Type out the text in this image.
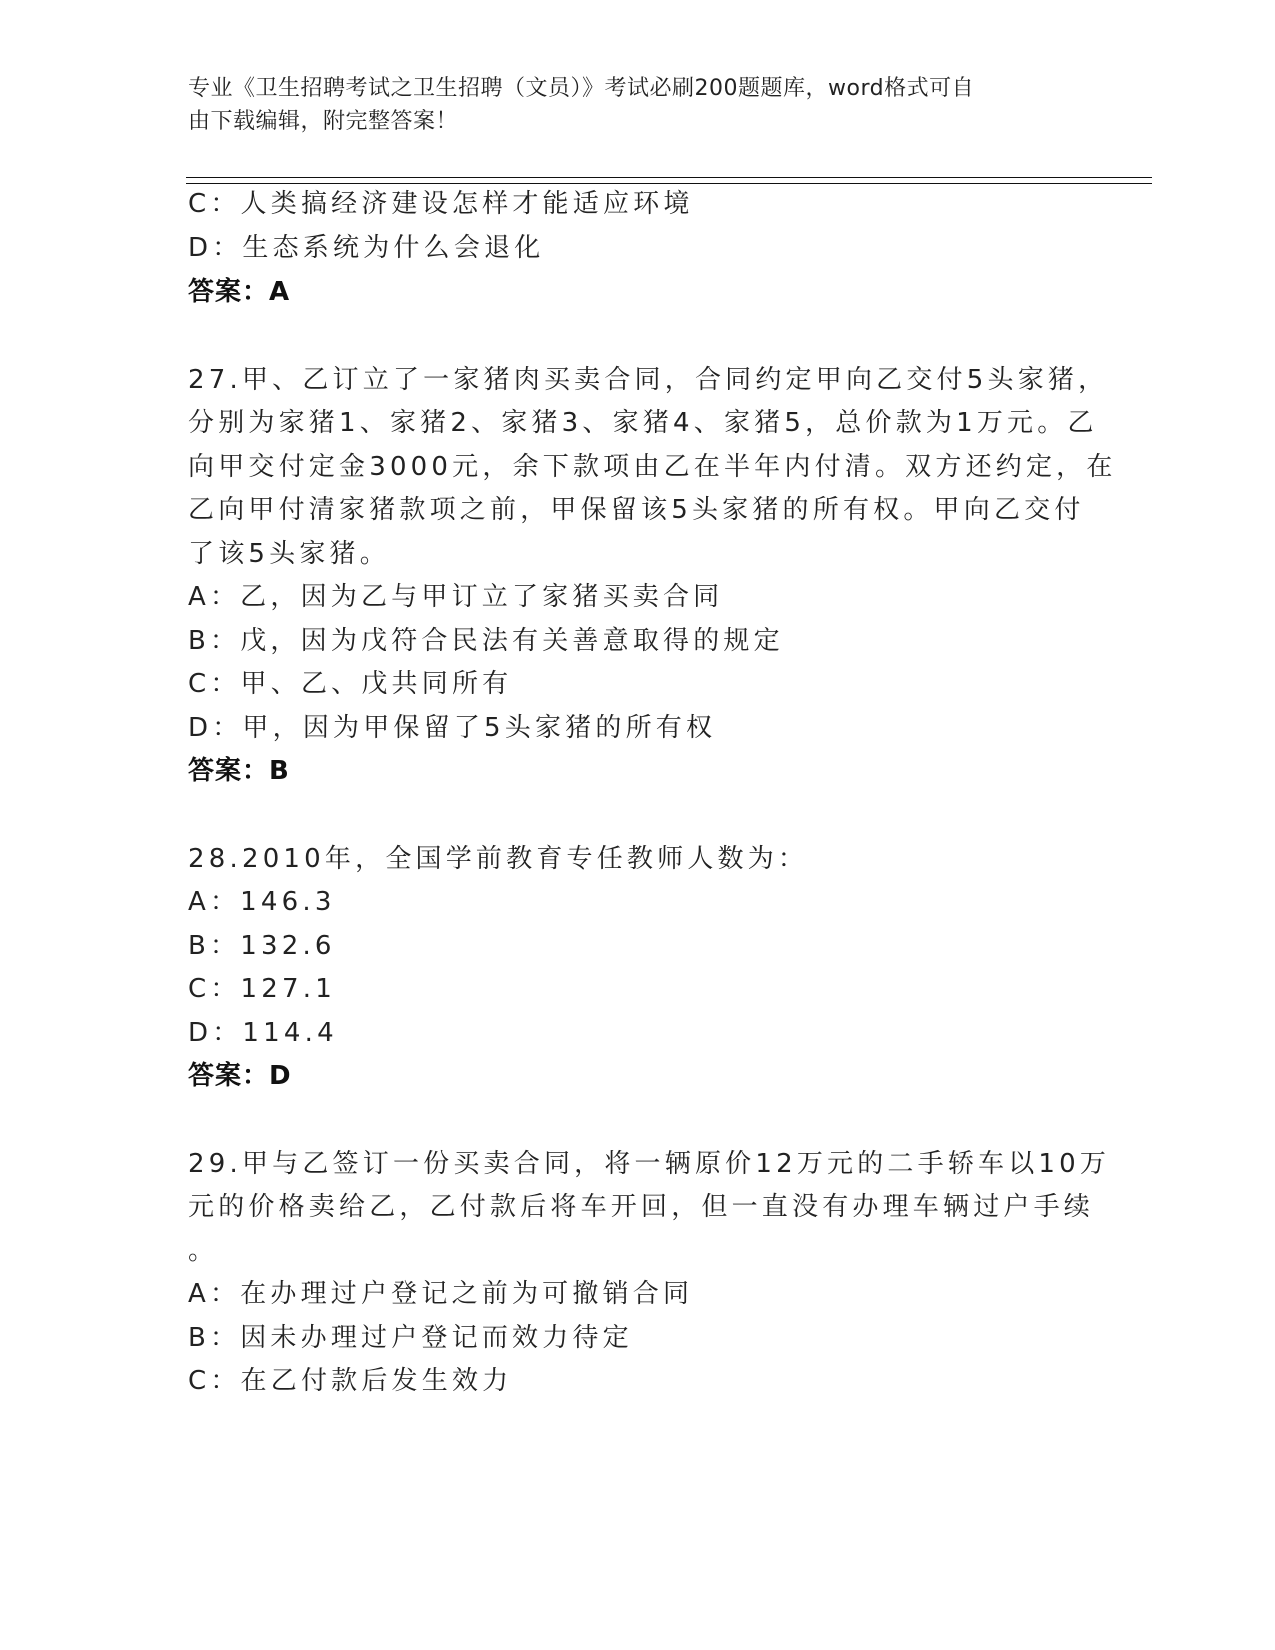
专业《卫生招聘考试之卫生招聘（文员）》考试必刷200题题库，word格式可自
由下载编辑，附完整答案！
C：人类搞经济建设怎样才能适应环境
D：生态系统为什么会退化
答案：A
27.甲、乙订立了一家猪肉买卖合同，合同约定甲向乙交付5头家猪，
分别为家猪1、家猪2、家猪3、家猪4、家猪5，总价款为1万元。乙
向甲交付定金3000元，余下款项由乙在半年内付清。双方还约定，在
乙向甲付清家猪款项之前，甲保留该5头家猪的所有权。甲向乙交付
了该5头家猪。
A：乙，因为乙与甲订立了家猪买卖合同
B：戊，因为戊符合民法有关善意取得的规定
C：甲、乙、戊共同所有
D：甲，因为甲保留了5头家猪的所有权
答案：B
28.2010年，全国学前教育专任教师人数为：
A：146.3
B：132.6
C：127.1
D：114.4
答案：D
29.甲与乙签订一份买卖合同，将一辆原价12万元的二手轿车以10万
元的价格卖给乙，乙付款后将车开回，但一直没有办理车辆过户手续
。
A：在办理过户登记之前为可撤销合同
B：因未办理过户登记而效力待定
C：在乙付款后发生效力
